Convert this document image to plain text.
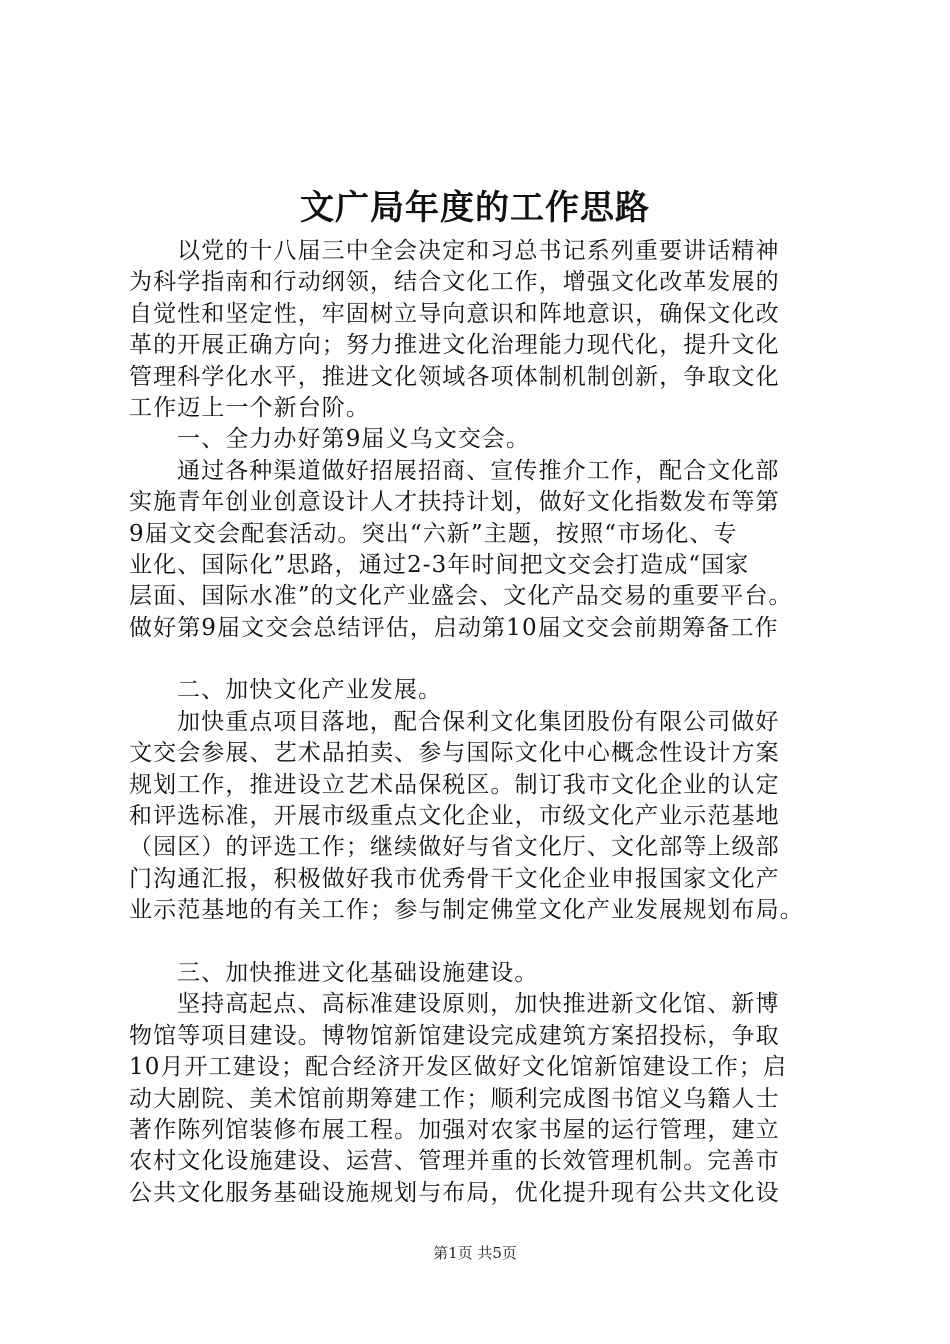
文广局年度的工作思路
以党的十八届三中全会决定和习总书记系列重要讲话精神
为科学指南和行动纲领，结合文化工作，增强文化改革发展的
自觉性和坚定性，牢固树立导向意识和阵地意识，确保文化改
革的开展正确方向；努力推进文化治理能力现代化，提升文化
管理科学化水平，推进文化领域各项体制机制创新，争取文化
工作迈上一个新台阶。
一、全力办好第9届义乌文交会。
通过各种渠道做好招展招商、宣传推介工作，配合文化部
实施青年创业创意设计人才扶持计划，做好文化指数发布等第
9届文交会配套活动。突出“六新”主题，按照“市场化、专
业化、国际化”思路，通过2-3年时间把文交会打造成“国家
层面、国际水准”的文化产业盛会、文化产品交易的重要平台。
做好第9届文交会总结评估，启动第10届文交会前期筹备工作
二、加快文化产业发展。
加快重点项目落地，配合保利文化集团股份有限公司做好
文交会参展、艺术品拍卖、参与国际文化中心概念性设计方案
规划工作，推进设立艺术品保税区。制订我市文化企业的认定
和评选标准，开展市级重点文化企业，市级文化产业示范基地
（园区）的评选工作；继续做好与省文化厅、文化部等上级部
门沟通汇报，积极做好我市优秀骨干文化企业申报国家文化产
业示范基地的有关工作；参与制定佛堂文化产业发展规划布局。
三、加快推进文化基础设施建设。
坚持高起点、高标准建设原则，加快推进新文化馆、新博
物馆等项目建设。博物馆新馆建设完成建筑方案招投标，争取
10月开工建设；配合经济开发区做好文化馆新馆建设工作；启
动大剧院、美术馆前期筹建工作；顺利完成图书馆义乌籍人士
著作陈列馆装修布展工程。加强对农家书屋的运行管理，建立
农村文化设施建设、运营、管理并重的长效管理机制。完善市
公共文化服务基础设施规划与布局，优化提升现有公共文化设
第1页 共5页
